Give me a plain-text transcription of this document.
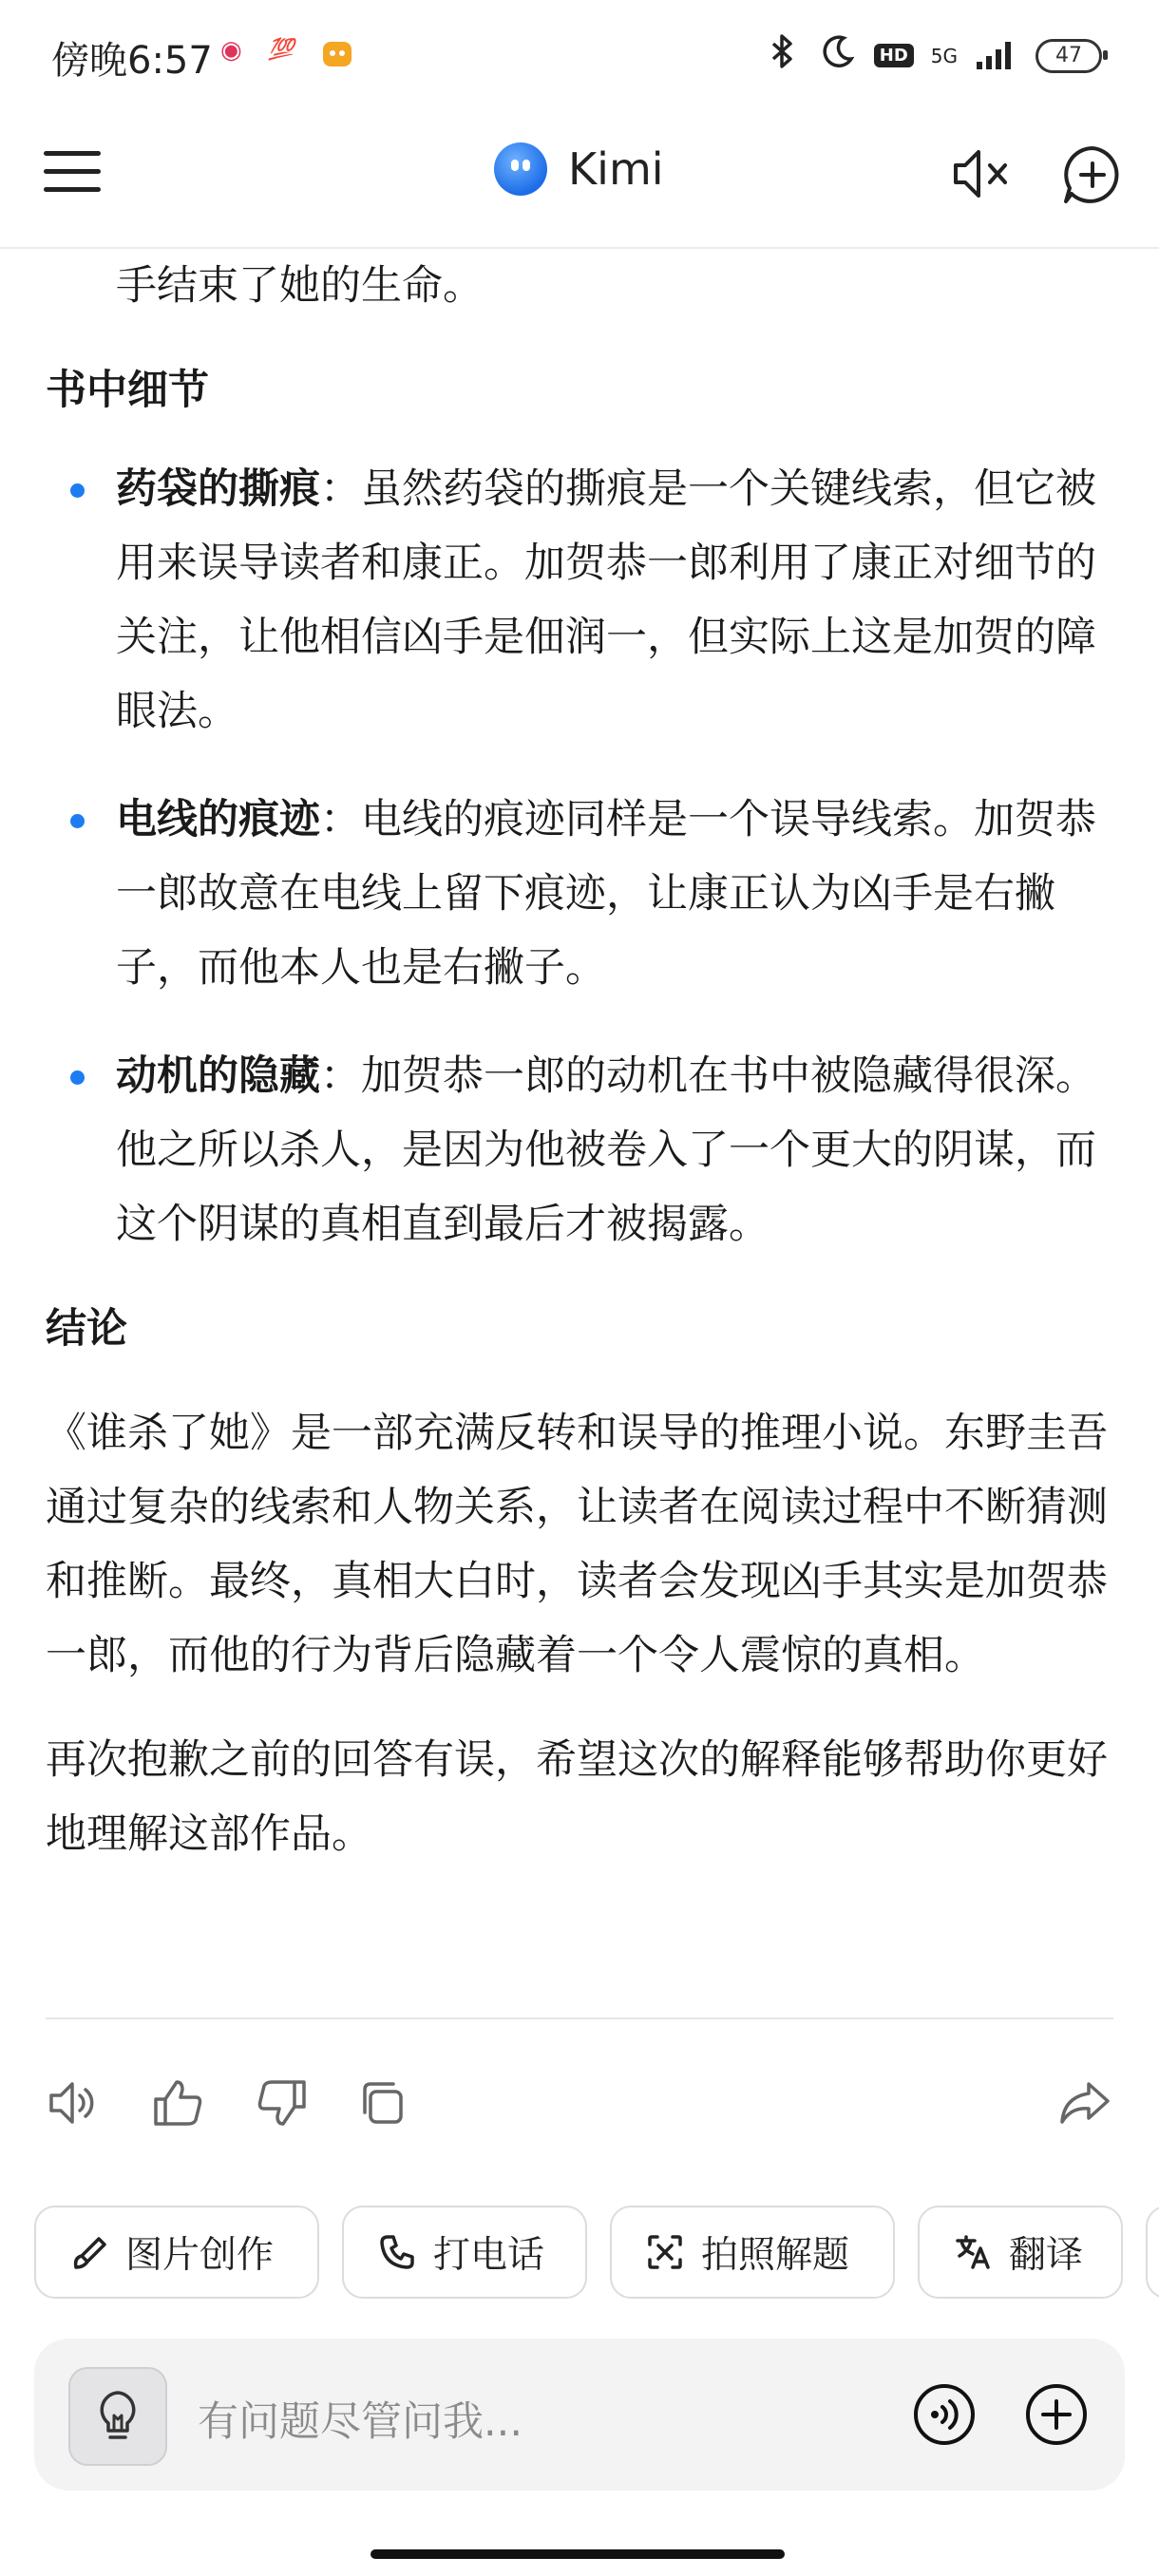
傍晚6:57 ◉ 💯	HD	5G	47
Kimi

手结束了她的生命。

书中细节

药袋的撕痕：虽然药袋的撕痕是一个关键线索，但它被用来误导读者和康正。加贺恭一郎利用了康正对细节的关注，让他相信凶手是佃润一，但实际上这是加贺的障眼法。

电线的痕迹：电线的痕迹同样是一个误导线索。加贺恭一郎故意在电线上留下痕迹，让康正认为凶手是右撇子，而他本人也是右撇子。

动机的隐藏：加贺恭一郎的动机在书中被隐藏得很深。他之所以杀人，是因为他被卷入了一个更大的阴谋，而这个阴谋的真相直到最后才被揭露。

结论

《谁杀了她》是一部充满反转和误导的推理小说。东野圭吾通过复杂的线索和人物关系，让读者在阅读过程中不断猜测和推断。最终，真相大白时，读者会发现凶手其实是加贺恭一郎，而他的行为背后隐藏着一个令人震惊的真相。

再次抱歉之前的回答有误，希望这次的解释能够帮助你更好地理解这部作品。

图片创作	打电话	拍照解题	翻译
有问题尽管问我...
